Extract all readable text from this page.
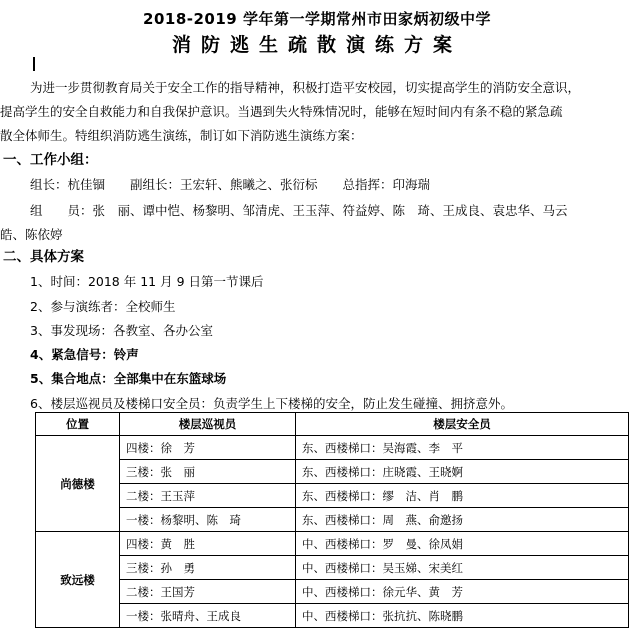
2018-2019 学年第一学期常州市田家炳初级中学
消防逃生疏散演练方案
为进一步贯彻教育局关于安全工作的指导精神，积极打造平安校园，切实提高学生的消防安全意识，
提高学生的安全自救能力和自我保护意识。当遇到失火特殊情况时，能够在短时间内有条不稳的紧急疏
散全体师生。特组织消防逃生演练，制订如下消防逃生演练方案：
一、工作小组：
组长：杭佳锢　　副组长：王宏轩、熊曦之、张衍标　　总指挥：印海瑞
组　　员：张　丽、谭中恺、杨黎明、邹清虎、王玉萍、符益婷、陈　琦、王成良、袁忠华、马云
皓、陈依婷
二、具体方案
1、时间：2018 年 11 月 9 日第一节课后
2、参与演练者：全校师生
3、事发现场：各教室、各办公室
4、紧急信号：铃声
5、集合地点：全部集中在东篮球场
6、楼层巡视员及楼梯口安全员：负责学生上下楼梯的安全，防止发生碰撞、拥挤意外。
位置	楼层巡视员	楼层安全员
尚德楼	四楼：徐　芳	东、西楼梯口：吴海霞、李　平
	三楼：张　丽	东、西楼梯口：庄晓霞、王晓婀
	二楼：王玉萍	东、西楼梯口：缪　洁、肖　鹏
	一楼：杨黎明、陈　琦	东、西楼梯口：周　燕、俞邀扬
致远楼	四楼：黄　胜	中、西楼梯口：罗　曼、徐凤娟
	三楼：孙　勇	中、西楼梯口：吴玉娣、宋美红
	二楼：王国芳	中、西楼梯口：徐元华、黄　芳
	一楼：张晴舟、王成良	中、西楼梯口：张抗抗、陈晓鹏
